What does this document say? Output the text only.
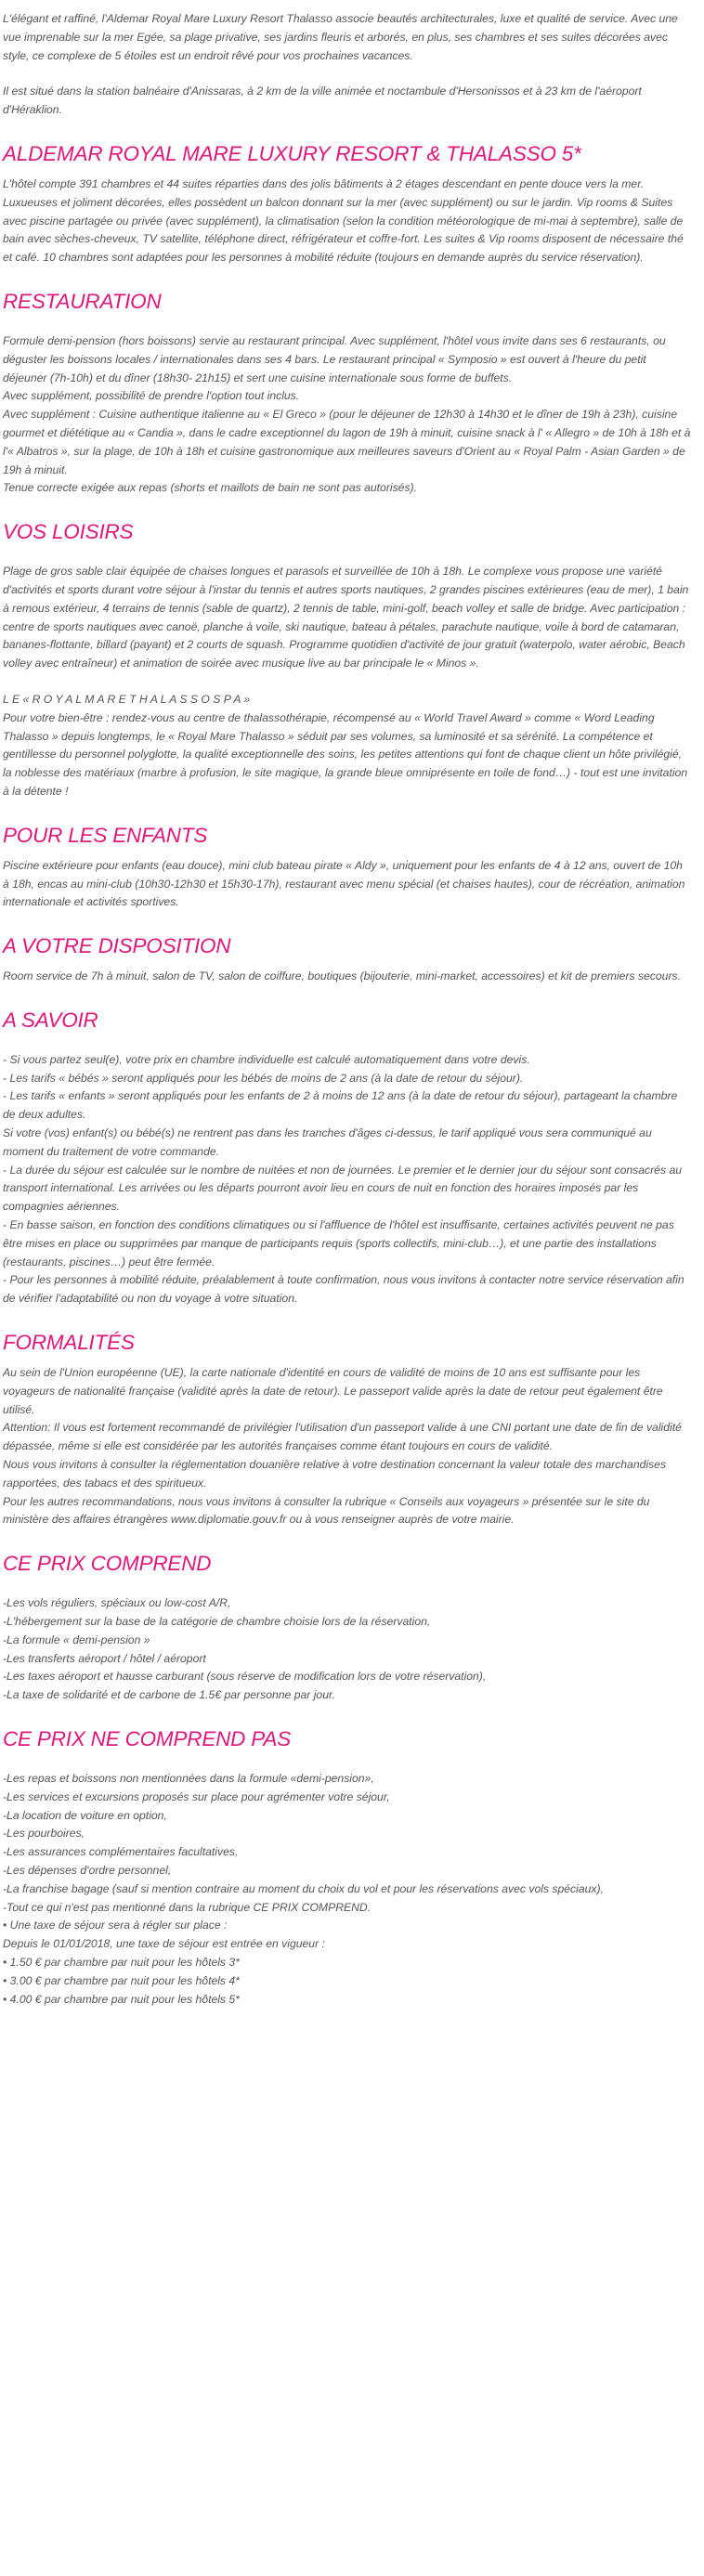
L'élégant et raffiné, l'Aldemar Royal Mare Luxury Resort Thalasso associe beautés architecturales, luxe et qualité de service. Avec une vue imprenable sur la mer Egée, sa plage privative, ses jardins fleuris et arborés, en plus, ses chambres et ses suites décorées avec style, ce complexe de 5 étoiles est un endroit rêvé pour vos prochaines vacances.

Il est situé dans la station balnéaire d'Anissaras, à 2 km de la ville animée et noctambule d'Hersonissos et à 23 km de l'aéroport d'Héraklion.

ALDEMAR ROYAL MARE LUXURY RESORT & THALASSO 5*

L'hôtel compte 391 chambres et 44 suites réparties dans des jolis bâtiments à 2 étages descendant en pente douce vers la mer. Luxueuses et joliment décorées, elles possèdent un balcon donnant sur la mer (avec supplément) ou sur le jardin. Vip rooms & Suites avec piscine partagée ou privée (avec supplément), la climatisation (selon la condition météorologique de mi-mai à septembre), salle de bain avec sèches-cheveux, TV satellite, téléphone direct, réfrigérateur et coffre-fort. Les suites & Vip rooms disposent de nécessaire thé et café. 10 chambres sont adaptées pour les personnes à mobilité réduite (toujours en demande auprès du service réservation).

RESTAURATION

Formule demi-pension (hors boissons) servie au restaurant principal. Avec supplément, l'hôtel vous invite dans ses 6 restaurants, ou déguster les boissons locales / internationales dans ses 4 bars. Le restaurant principal « Symposio » est ouvert à l'heure du petit déjeuner (7h-10h) et du dîner (18h30- 21h15) et sert une cuisine internationale sous forme de buffets.

Avec supplément, possibilité de prendre l'option tout inclus.

Avec supplément : Cuisine authentique italienne au « El Greco » (pour le déjeuner de 12h30 à 14h30 et le dîner de 19h à 23h), cuisine gourmet et diététique au « Candia », dans le cadre exceptionnel du lagon de 19h à minuit, cuisine snack à l' « Allegro » de 10h à 18h et à l'« Albatros », sur la plage, de 10h à 18h et cuisine gastronomique aux meilleures saveurs d'Orient au « Royal Palm - Asian Garden » de 19h à minuit.

Tenue correcte exigée aux repas (shorts et maillots de bain ne sont pas autorisés).

VOS LOISIRS

Plage de gros sable clair équipée de chaises longues et parasols et surveillée de 10h à 18h. Le complexe vous propose une variété d'activités et sports durant votre séjour à l'instar du tennis et autres sports nautiques, 2 grandes piscines extérieures (eau de mer), 1 bain à remous extérieur, 4 terrains de tennis (sable de quartz), 2 tennis de table, mini-golf, beach volley et salle de bridge. Avec participation : centre de sports nautiques avec canoë, planche à voile, ski nautique, bateau à pétales, parachute nautique, voile à bord de catamaran, bananes-flottante, billard (payant) et 2 courts de squash. Programme quotidien d'activité de jour gratuit (waterpolo, water aérobic, Beach volley avec entraîneur) et animation de soirée avec musique live au bar principale le « Minos ».

L E « R O Y A L M A R E T H A L A S S O S P A »

Pour votre bien-être : rendez-vous au centre de thalassothérapie, récompensé au « World Travel Award » comme « Word Leading Thalasso » depuis longtemps, le « Royal Mare Thalasso » séduit par ses volumes, sa luminosité et sa sérénité. La compétence et gentillesse du personnel polyglotte, la qualité exceptionnelle des soins, les petites attentions qui font de chaque client un hôte privilégié, la noblesse des matériaux (marbre à profusion, le site magique, la grande bleue omniprésente en toile de fond…) - tout est une invitation à la détente !

POUR LES ENFANTS

Piscine extérieure pour enfants (eau douce), mini club bateau pirate « Aldy », uniquement pour les enfants de 4 à 12 ans, ouvert de 10h à 18h, encas au mini-club (10h30-12h30 et 15h30-17h), restaurant avec menu spécial (et chaises hautes), cour de récréation, animation internationale et activités sportives.

A VOTRE DISPOSITION

Room service de 7h à minuit, salon de TV, salon de coiffure, boutiques (bijouterie, mini-market, accessoires) et kit de premiers secours.

A SAVOIR

- Si vous partez seul(e), votre prix en chambre individuelle est calculé automatiquement dans votre devis.

- Les tarifs « bébés » seront appliqués pour les bébés de moins de 2 ans (à la date de retour du séjour).

- Les tarifs « enfants » seront appliqués pour les enfants de 2 à moins de 12 ans (à la date de retour du séjour), partageant la chambre de deux adultes.

Si votre (vos) enfant(s) ou bébé(s) ne rentrent pas dans les tranches d'âges ci-dessus, le tarif appliqué vous sera communiqué au moment du traitement de votre commande.

- La durée du séjour est calculée sur le nombre de nuitées et non de journées. Le premier et le dernier jour du séjour sont consacrés au transport international. Les arrivées ou les départs pourront avoir lieu en cours de nuit en fonction des horaires imposés par les compagnies aériennes.

- En basse saison, en fonction des conditions climatiques ou si l'affluence de l'hôtel est insuffisante, certaines activités peuvent ne pas être mises en place ou supprimées par manque de participants requis (sports collectifs, mini-club…), et une partie des installations (restaurants, piscines…) peut être fermée.

- Pour les personnes à mobilité réduite, préalablement à toute confirmation, nous vous invitons à contacter notre service réservation afin de vérifier l'adaptabilité ou non du voyage à votre situation.

FORMALITÉS

Au sein de l'Union européenne (UE), la carte nationale d'identité en cours de validité de moins de 10 ans est suffisante pour les voyageurs de nationalité française (validité après la date de retour). Le passeport valide après la date de retour peut également être utilisé.

Attention: Il vous est fortement recommandé de privilégier l'utilisation d'un passeport valide à une CNI portant une date de fin de validité dépassée, même si elle est considérée par les autorités françaises comme étant toujours en cours de validité.

Nous vous invitons à consulter la réglementation douanière relative à votre destination concernant la valeur totale des marchandises rapportées, des tabacs et des spiritueux.

Pour les autres recommandations, nous vous invitons à consulter la rubrique « Conseils aux voyageurs » présentée sur le site du ministère des affaires étrangères www.diplomatie.gouv.fr ou à vous renseigner auprès de votre mairie.

CE PRIX COMPREND

-Les vols réguliers, spéciaux ou low-cost A/R,

-L'hébergement sur la base de la catégorie de chambre choisie lors de la réservation,

-La formule « demi-pension »

-Les transferts aéroport / hôtel / aéroport

-Les taxes aéroport et hausse carburant (sous réserve de modification lors de votre réservation),

-La taxe de solidarité et de carbone de 1.5€ par personne par jour.

CE PRIX NE COMPREND PAS

-Les repas et boissons non mentionnées dans la formule «demi-pension»,

-Les services et excursions proposés sur place pour agrémenter votre séjour,

-La location de voiture en option,

-Les pourboires,

-Les assurances complémentaires facultatives,

-Les dépenses d'ordre personnel,

-La franchise bagage (sauf si mention contraire au moment du choix du vol et pour les réservations avec vols spéciaux),

-Tout ce qui n'est pas mentionné dans la rubrique CE PRIX COMPREND.

• Une taxe de séjour sera à régler sur place :

Depuis le 01/01/2018, une taxe de séjour est entrée en vigueur :

• 1.50 € par chambre par nuit pour les hôtels 3*

• 3.00 € par chambre par nuit pour les hôtels 4*

• 4.00 € par chambre par nuit pour les hôtels 5*
